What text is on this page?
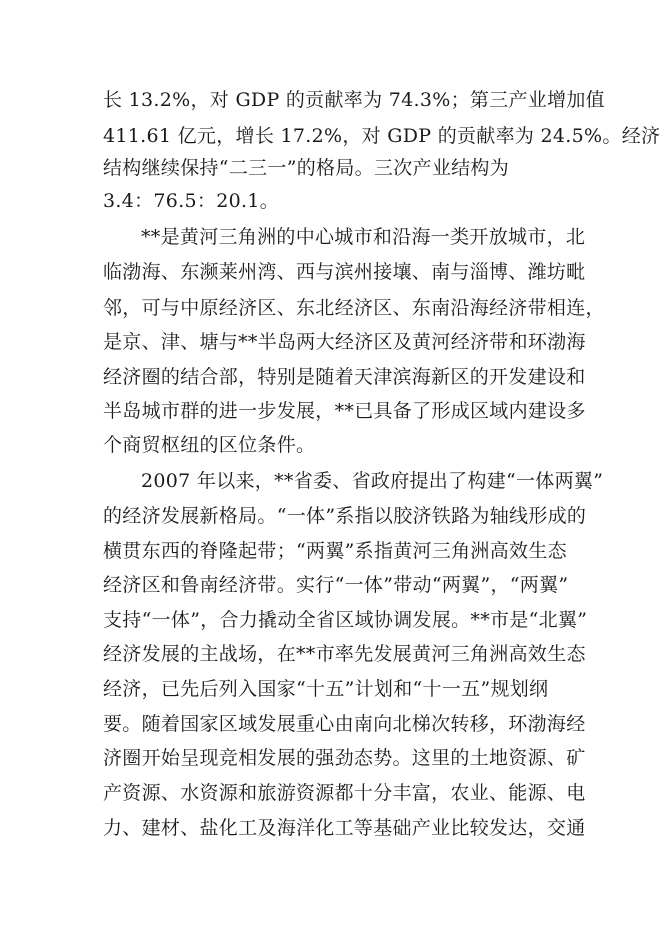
长 13.2%，对 GDP 的贡献率为 74.3%；第三产业增加值
411.61 亿元，增长 17.2%，对 GDP 的贡献率为 24.5%。经济
结构继续保持“二三一”的格局。三次产业结构为
3.4：76.5：20.1。
**是黄河三角洲的中心城市和沿海一类开放城市，北
临渤海、东濒莱州湾、西与滨州接壤、南与淄博、潍坊毗
邻，可与中原经济区、东北经济区、东南沿海经济带相连，
是京、津、塘与**半岛两大经济区及黄河经济带和环渤海
经济圈的结合部，特别是随着天津滨海新区的开发建设和
半岛城市群的进一步发展，**已具备了形成区域内建设多
个商贸枢纽的区位条件。
2007 年以来，**省委、省政府提出了构建“一体两翼”
的经济发展新格局。“一体”系指以胶济铁路为轴线形成的
横贯东西的脊隆起带；“两翼”系指黄河三角洲高效生态
经济区和鲁南经济带。实行“一体”带动“两翼”，“两翼”
支持“一体”，合力撬动全省区域协调发展。**市是“北翼”
经济发展的主战场，在**市率先发展黄河三角洲高效生态
经济，已先后列入国家“十五”计划和“十一五”规划纲
要。随着国家区域发展重心由南向北梯次转移，环渤海经
济圈开始呈现竞相发展的强劲态势。这里的土地资源、矿
产资源、水资源和旅游资源都十分丰富，农业、能源、电
力、建材、盐化工及海洋化工等基础产业比较发达，交通
